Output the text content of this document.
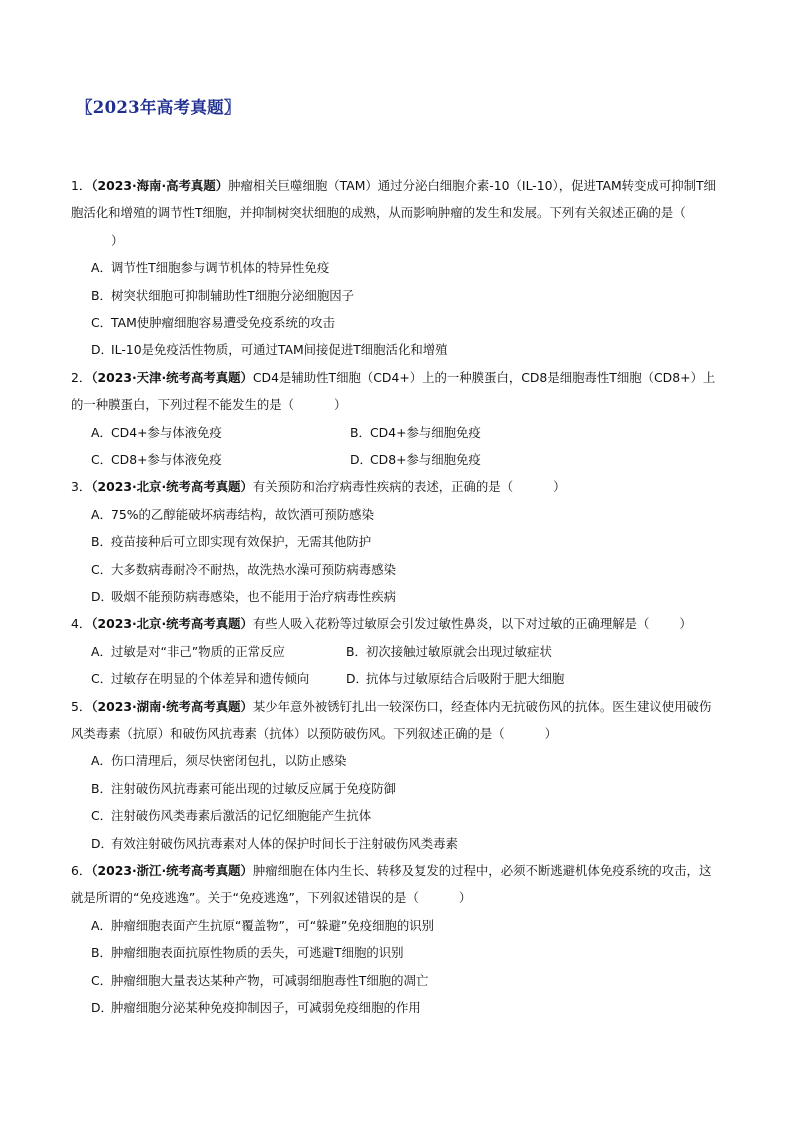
〖2023年高考真题〗

1．（2023·海南·高考真题）肿瘤相关巨噬细胞（TAM）通过分泌白细胞介素-10（IL-10），促进TAM转变成可抑制T细胞活化和增殖的调节性T细胞，并抑制树突状细胞的成熟，从而影响肿瘤的发生和发展。下列有关叙述正确的是（）

A．调节性T细胞参与调节机体的特异性免疫
B．树突状细胞可抑制辅助性T细胞分泌细胞因子
C．TAM使肿瘤细胞容易遭受免疫系统的攻击
D．IL-10是免疫活性物质，可通过TAM间接促进T细胞活化和增殖

2．（2023·天津·统考高考真题）CD4是辅助性T细胞（CD4+）上的一种膜蛋白，CD8是细胞毒性T细胞（CD8+）上的一种膜蛋白，下列过程不能发生的是（	）

A．CD4+参与体液免疫	B．CD4+参与细胞免疫
C．CD8+参与体液免疫	D．CD8+参与细胞免疫

3．（2023·北京·统考高考真题）有关预防和治疗病毒性疾病的表述，正确的是（	）

A．75%的乙醇能破坏病毒结构，故饮酒可预防感染
B．疫苗接种后可立即实现有效保护，无需其他防护
C．大多数病毒耐冷不耐热，故洗热水澡可预防病毒感染
D．吸烟不能预防病毒感染，也不能用于治疗病毒性疾病

4．（2023·北京·统考高考真题）有些人吸入花粉等过敏原会引发过敏性鼻炎，以下对过敏的正确理解是（ ）

A．过敏是对“非己”物质的正常反应	B．初次接触过敏原就会出现过敏症状
C．过敏存在明显的个体差异和遗传倾向	D．抗体与过敏原结合后吸附于肥大细胞

5．（2023·湖南·统考高考真题）某少年意外被锈钉扎出一较深伤口，经查体内无抗破伤风的抗体。医生建议使用破伤风类毒素（抗原）和破伤风抗毒素（抗体）以预防破伤风。下列叙述正确的是（	）

A．伤口清理后，须尽快密闭包扎，以防止感染
B．注射破伤风抗毒素可能出现的过敏反应属于免疫防御
C．注射破伤风类毒素后激活的记忆细胞能产生抗体
D．有效注射破伤风抗毒素对人体的保护时间长于注射破伤风类毒素

6．（2023·浙江·统考高考真题）肿瘤细胞在体内生长、转移及复发的过程中，必须不断逃避机体免疫系统的攻击，这就是所谓的“免疫逃逸”。关于“免疫逃逸”，下列叙述错误的是（	）

A．肿瘤细胞表面产生抗原“覆盖物”，可“躲避”免疫细胞的识别
B．肿瘤细胞表面抗原性物质的丢失，可逃避T细胞的识别
C．肿瘤细胞大量表达某种产物，可减弱细胞毒性T细胞的凋亡
D．肿瘤细胞分泌某种免疫抑制因子，可减弱免疫细胞的作用
